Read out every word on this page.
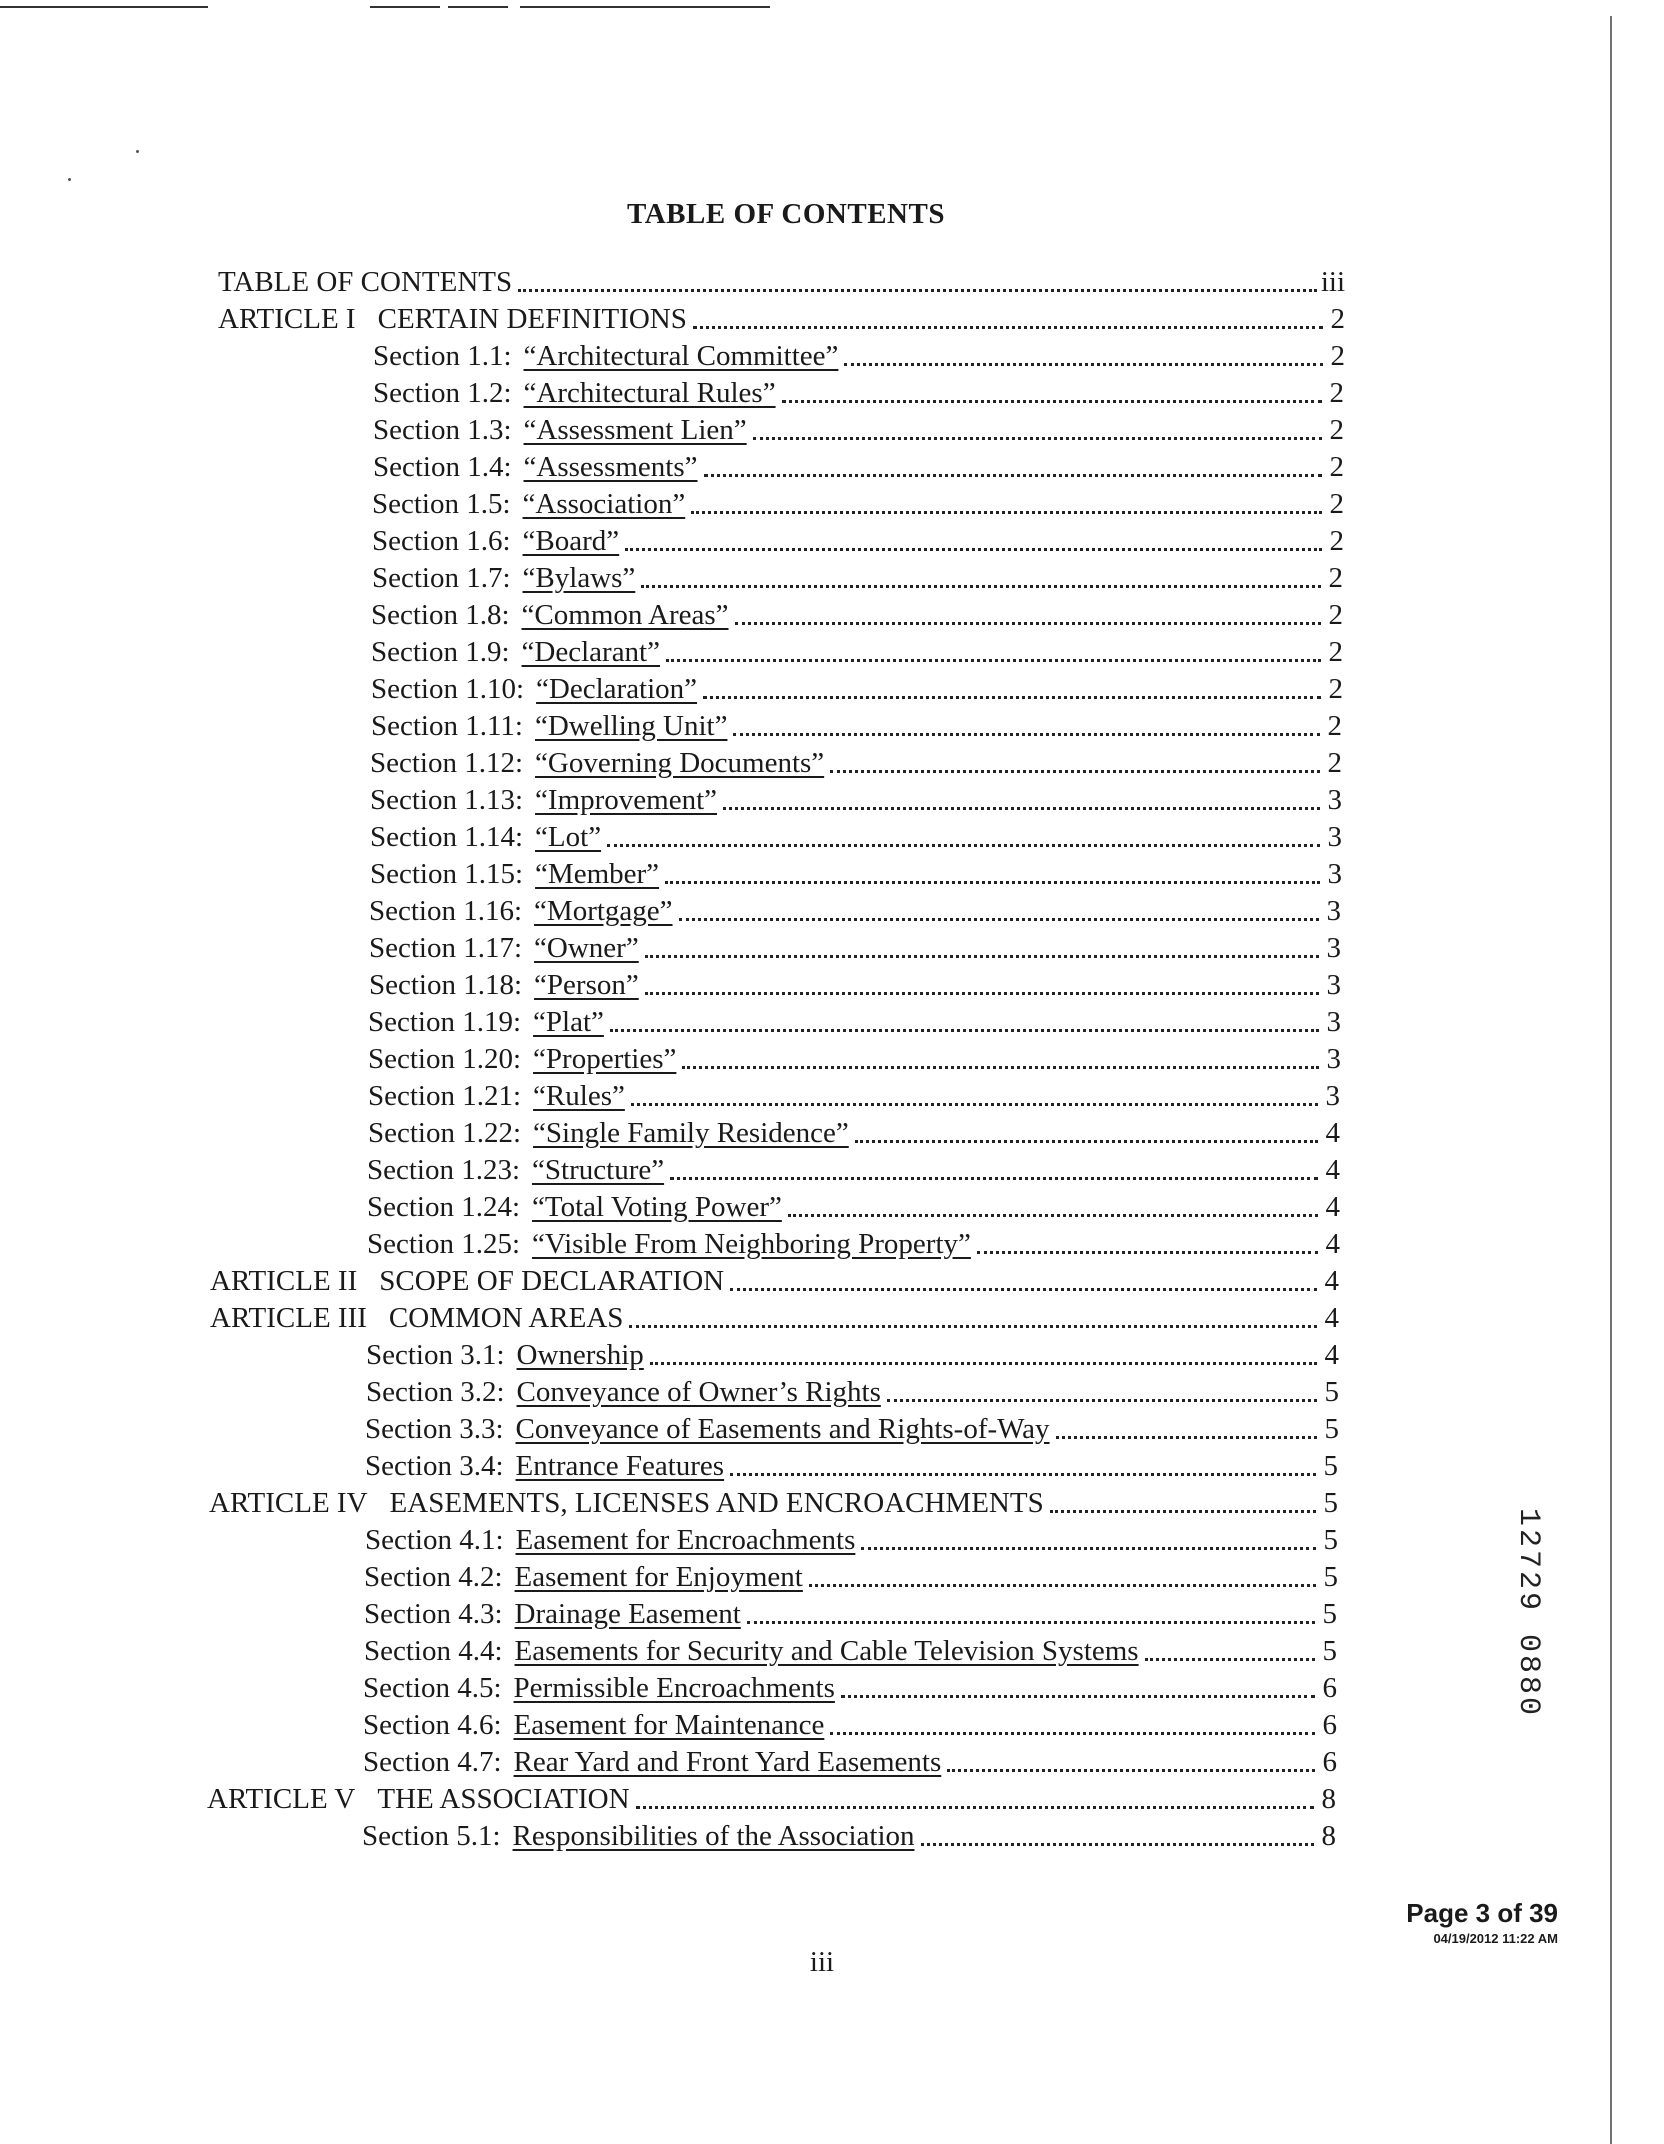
TABLE OF CONTENTS
TABLE OF CONTENTS	iii
ARTICLE I CERTAIN DEFINITIONS	2
Section 1.1: “Architectural Committee”	2
Section 1.2: “Architectural Rules”	2
Section 1.3: “Assessment Lien”	2
Section 1.4: “Assessments”	2
Section 1.5: “Association”	2
Section 1.6: “Board”	2
Section 1.7: “Bylaws”	2
Section 1.8: “Common Areas”	2
Section 1.9: “Declarant”	2
Section 1.10: “Declaration”	2
Section 1.11: “Dwelling Unit”	2
Section 1.12: “Governing Documents”	2
Section 1.13: “Improvement”	3
Section 1.14: “Lot”	3
Section 1.15: “Member”	3
Section 1.16: “Mortgage”	3
Section 1.17: “Owner”	3
Section 1.18: “Person”	3
Section 1.19: “Plat”	3
Section 1.20: “Properties”	3
Section 1.21: “Rules”	3
Section 1.22: “Single Family Residence”	4
Section 1.23: “Structure”	4
Section 1.24: “Total Voting Power”	4
Section 1.25: “Visible From Neighboring Property”	4
ARTICLE II SCOPE OF DECLARATION	4
ARTICLE III COMMON AREAS	4
Section 3.1: Ownership	4
Section 3.2: Conveyance of Owner’s Rights	5
Section 3.3: Conveyance of Easements and Rights-of-Way	5
Section 3.4: Entrance Features	5
ARTICLE IV EASEMENTS, LICENSES AND ENCROACHMENTS	5
Section 4.1: Easement for Encroachments	5
Section 4.2: Easement for Enjoyment	5
Section 4.3: Drainage Easement	5
Section 4.4: Easements for Security and Cable Television Systems	5
Section 4.5: Permissible Encroachments	6
Section 4.6: Easement for Maintenance	6
Section 4.7: Rear Yard and Front Yard Easements	6
ARTICLE V THE ASSOCIATION	8
Section 5.1: Responsibilities of the Association	8
12729 0880
Page 3 of 39
04/19/2012 11:22 AM
iii
